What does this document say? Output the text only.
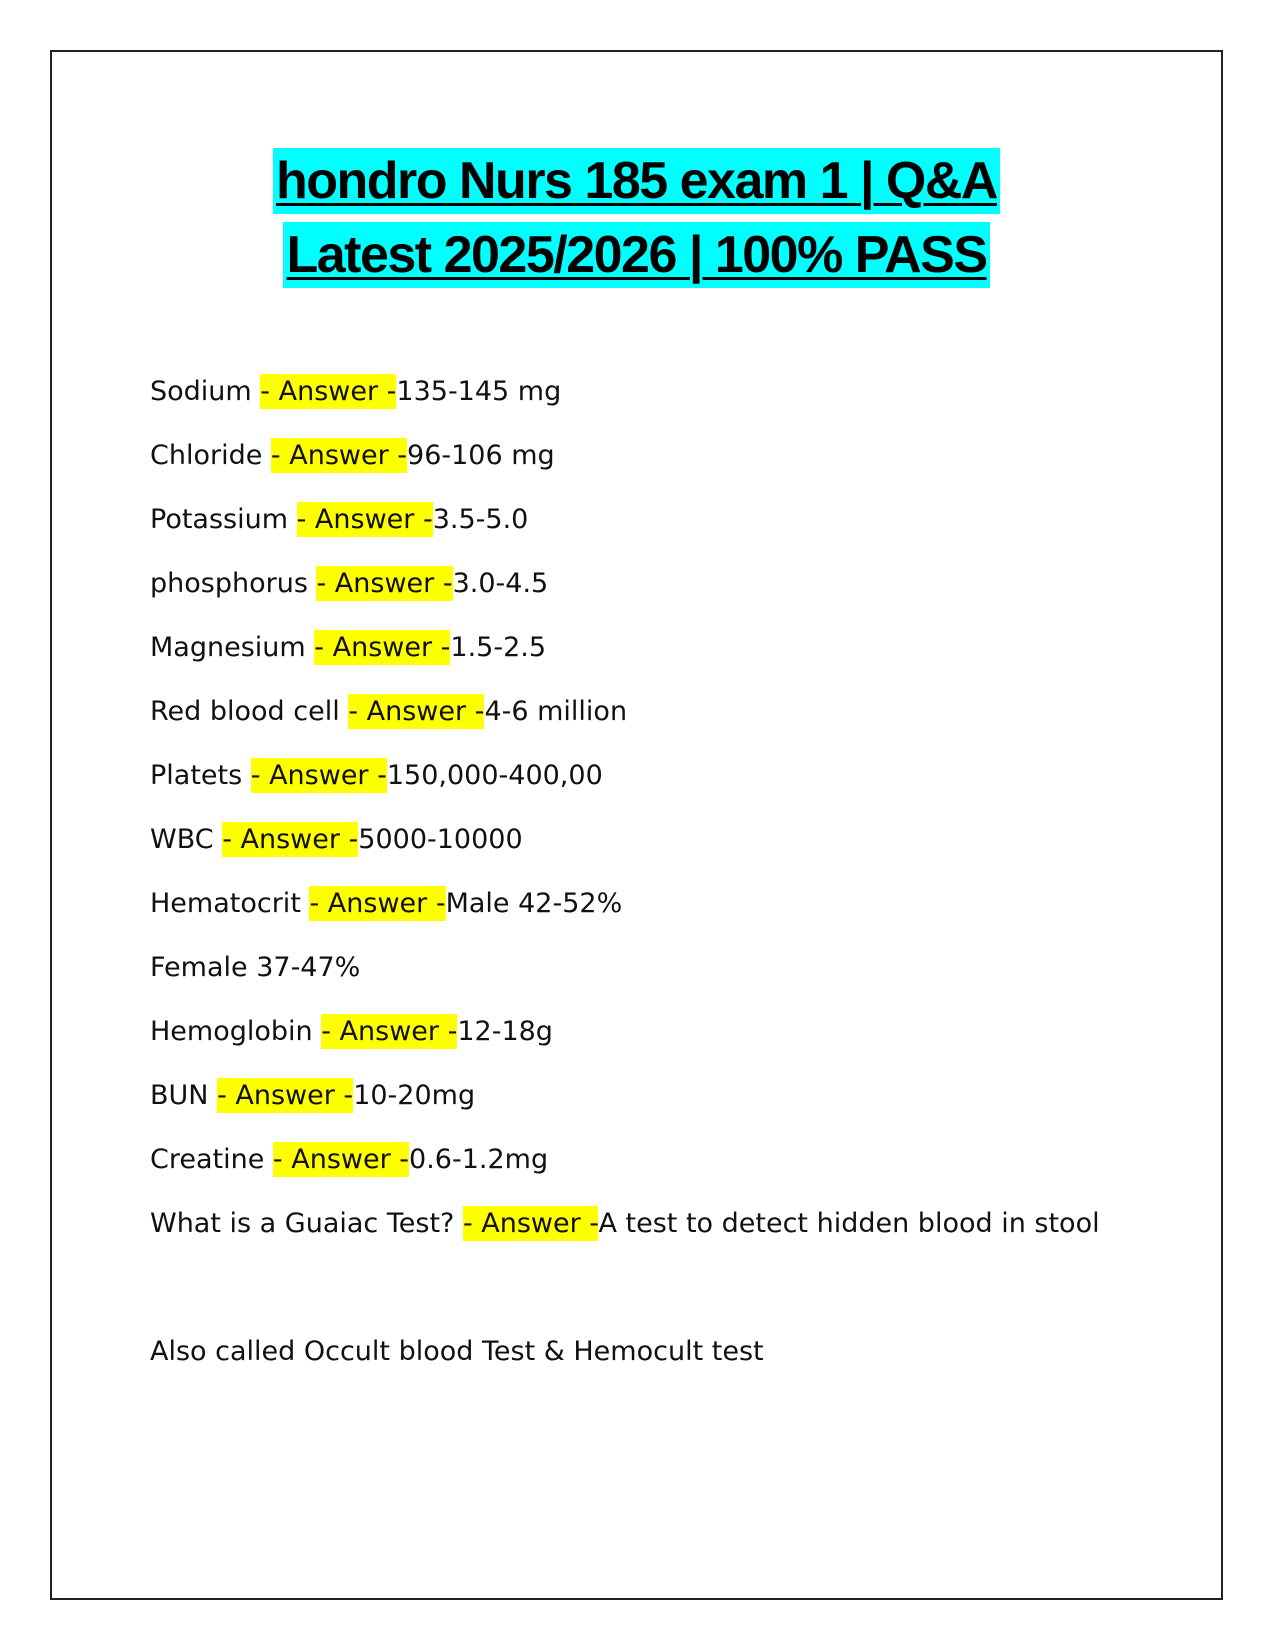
hondro Nurs 185 exam 1 | Q&A
Latest 2025/2026 | 100% PASS
Sodium - Answer -135-145 mg
Chloride - Answer -96-106 mg
Potassium - Answer -3.5-5.0
phosphorus - Answer -3.0-4.5
Magnesium - Answer -1.5-2.5
Red blood cell - Answer -4-6 million
Platets - Answer -150,000-400,00
WBC - Answer -5000-10000
Hematocrit - Answer -Male 42-52%
Female 37-47%
Hemoglobin - Answer -12-18g
BUN - Answer -10-20mg
Creatine - Answer -0.6-1.2mg
What is a Guaiac Test? - Answer -A test to detect hidden blood in stool
Also called Occult blood Test & Hemocult test
